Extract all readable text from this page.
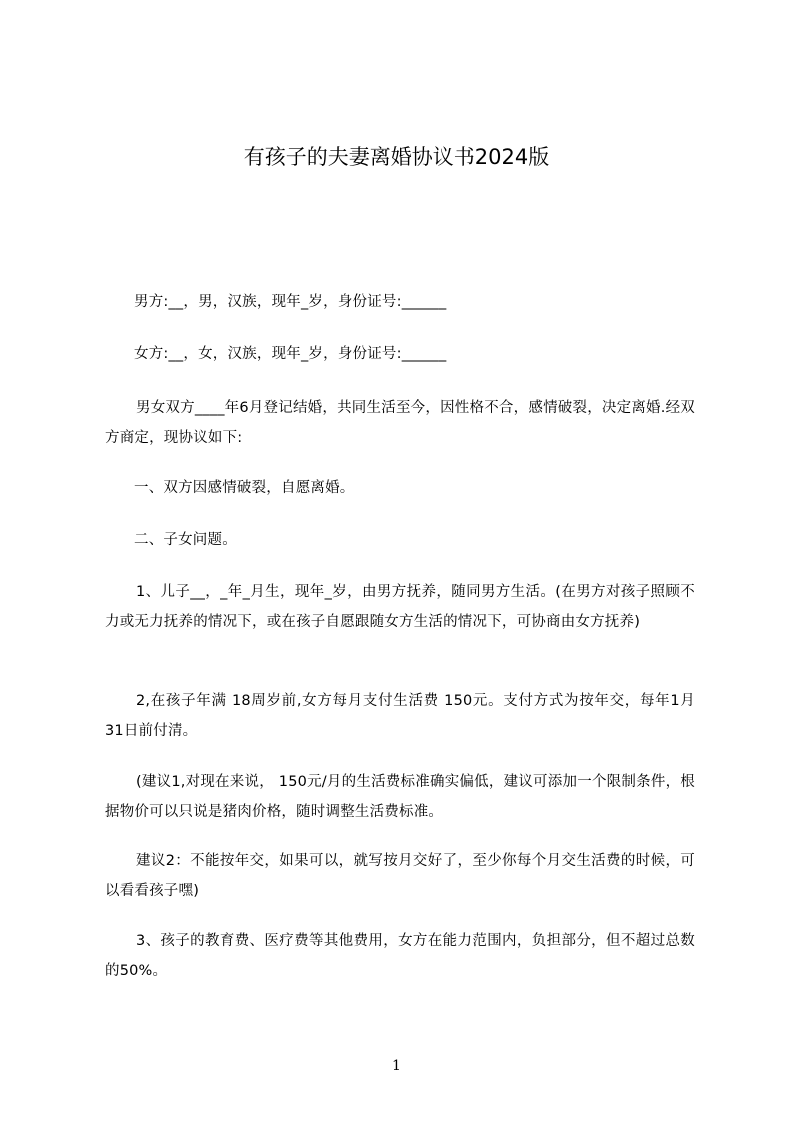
有孩子的夫妻离婚协议书2024版

男方:__，男，汉族，现年_岁，身份证号:______

女方:__，女，汉族，现年_岁，身份证号:______

男女双方____年6月登记结婚，共同生活至今，因性格不合，感情破裂，决定离婚.经双方商定，现协议如下:

一、双方因感情破裂，自愿离婚。

二、子女问题。

1、儿子__，_年_月生，现年_岁，由男方抚养，随同男方生活。(在男方对孩子照顾不力或无力抚养的情况下，或在孩子自愿跟随女方生活的情况下，可协商由女方抚养)

2,在孩子年满 18周岁前,女方每月支付生活费 150元。支付方式为按年交，每年1月31日前付清。

(建议1,对现在来说， 150元/月的生活费标准确实偏低，建议可添加一个限制条件，根据物价可以只说是猪肉价格，随时调整生活费标准。

建议2：不能按年交，如果可以，就写按月交好了，至少你每个月交生活费的时候，可以看看孩子嘿)

3、孩子的教育费、医疗费等其他费用，女方在能力范围内，负担部分，但不超过总数的50%。

1
